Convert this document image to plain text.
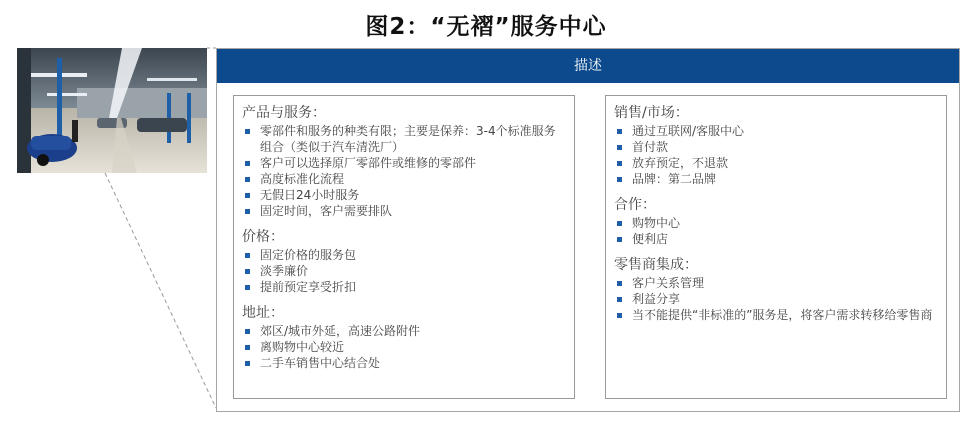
图2：“无褶”服务中心
描述
产品与服务：
零部件和服务的种类有限；主要是保养：3-4个标准服务组合（类似于汽车清洗厂）
客户可以选择原厂零部件或维修的零部件
高度标准化流程
无假日24小时服务
固定时间，客户需要排队
价格：
固定价格的服务包
淡季廉价
提前预定享受折扣
地址：
郊区/城市外延，高速公路附件
离购物中心较近
二手车销售中心结合处
销售/市场：
通过互联网/客服中心
首付款
放弃预定，不退款
品牌：第二品牌
合作：
购物中心
便利店
零售商集成：
客户关系管理
利益分享
当不能提供“非标准的”服务是，将客户需求转移给零售商
